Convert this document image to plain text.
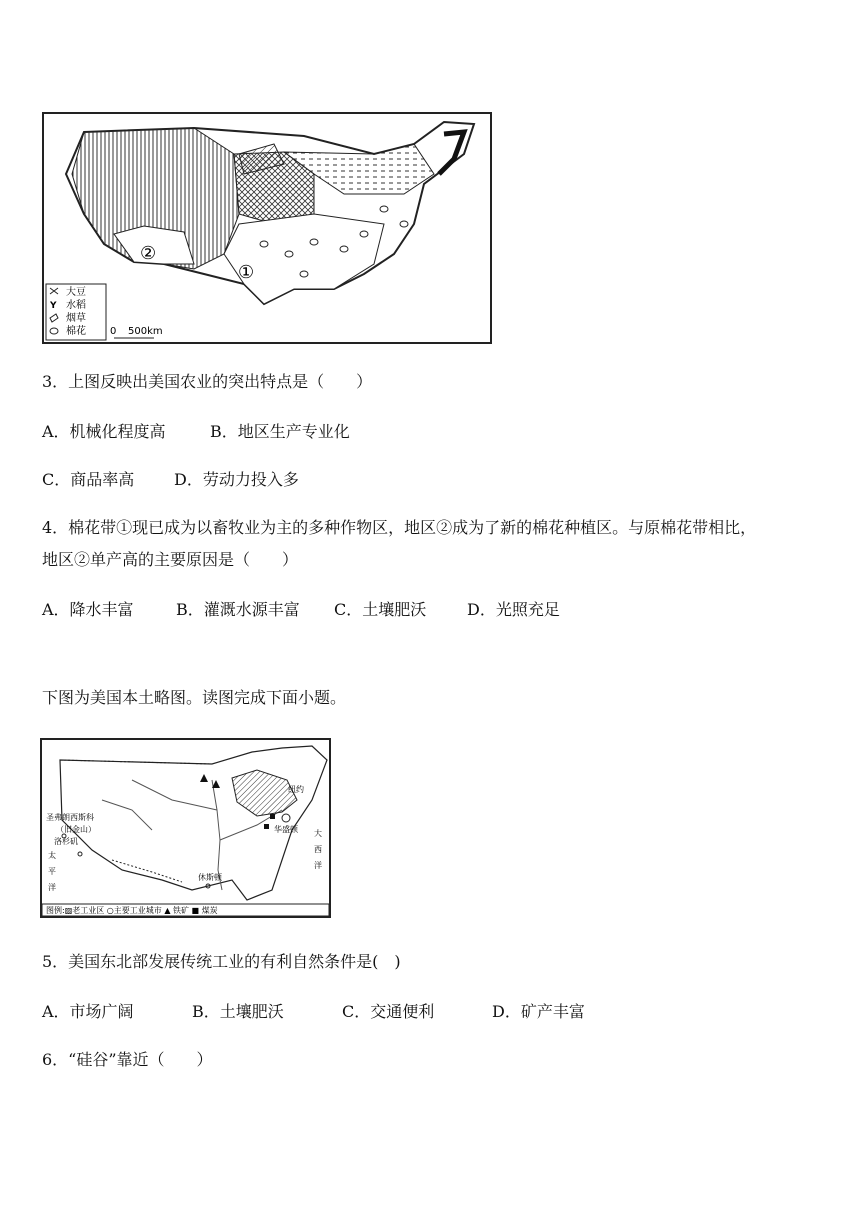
②
①
大豆
Y 水稻
烟草
棉花 0 500km
3．上图反映出美国农业的突出特点是（　　）
A．机械化程度高	B．地区生产专业化
C．商品率高 D．劳动力投入多
4．棉花带①现已成为以畜牧业为主的多种作物区，地区②成为了新的棉花种植区。与原棉花带相比，
地区②单产高的主要原因是（　　）
A．降水丰富	B．灌溉水源丰富 C．土壤肥沃	D．光照充足
下图为美国本土略图。读图完成下面小题。
圣弗朗西斯科
（旧金山）
洛杉矶
纽约
华盛顿
休斯顿
太
平
洋
大
西
洋
图例:▨老工业区 ○主要工业城市 ▲ 铁矿 ■ 煤炭
5．美国东北部发展传统工业的有利自然条件是(　)
A．市场广阔	B．土壤肥沃	C．交通便利	D．矿产丰富
6．“硅谷”靠近（　　）
